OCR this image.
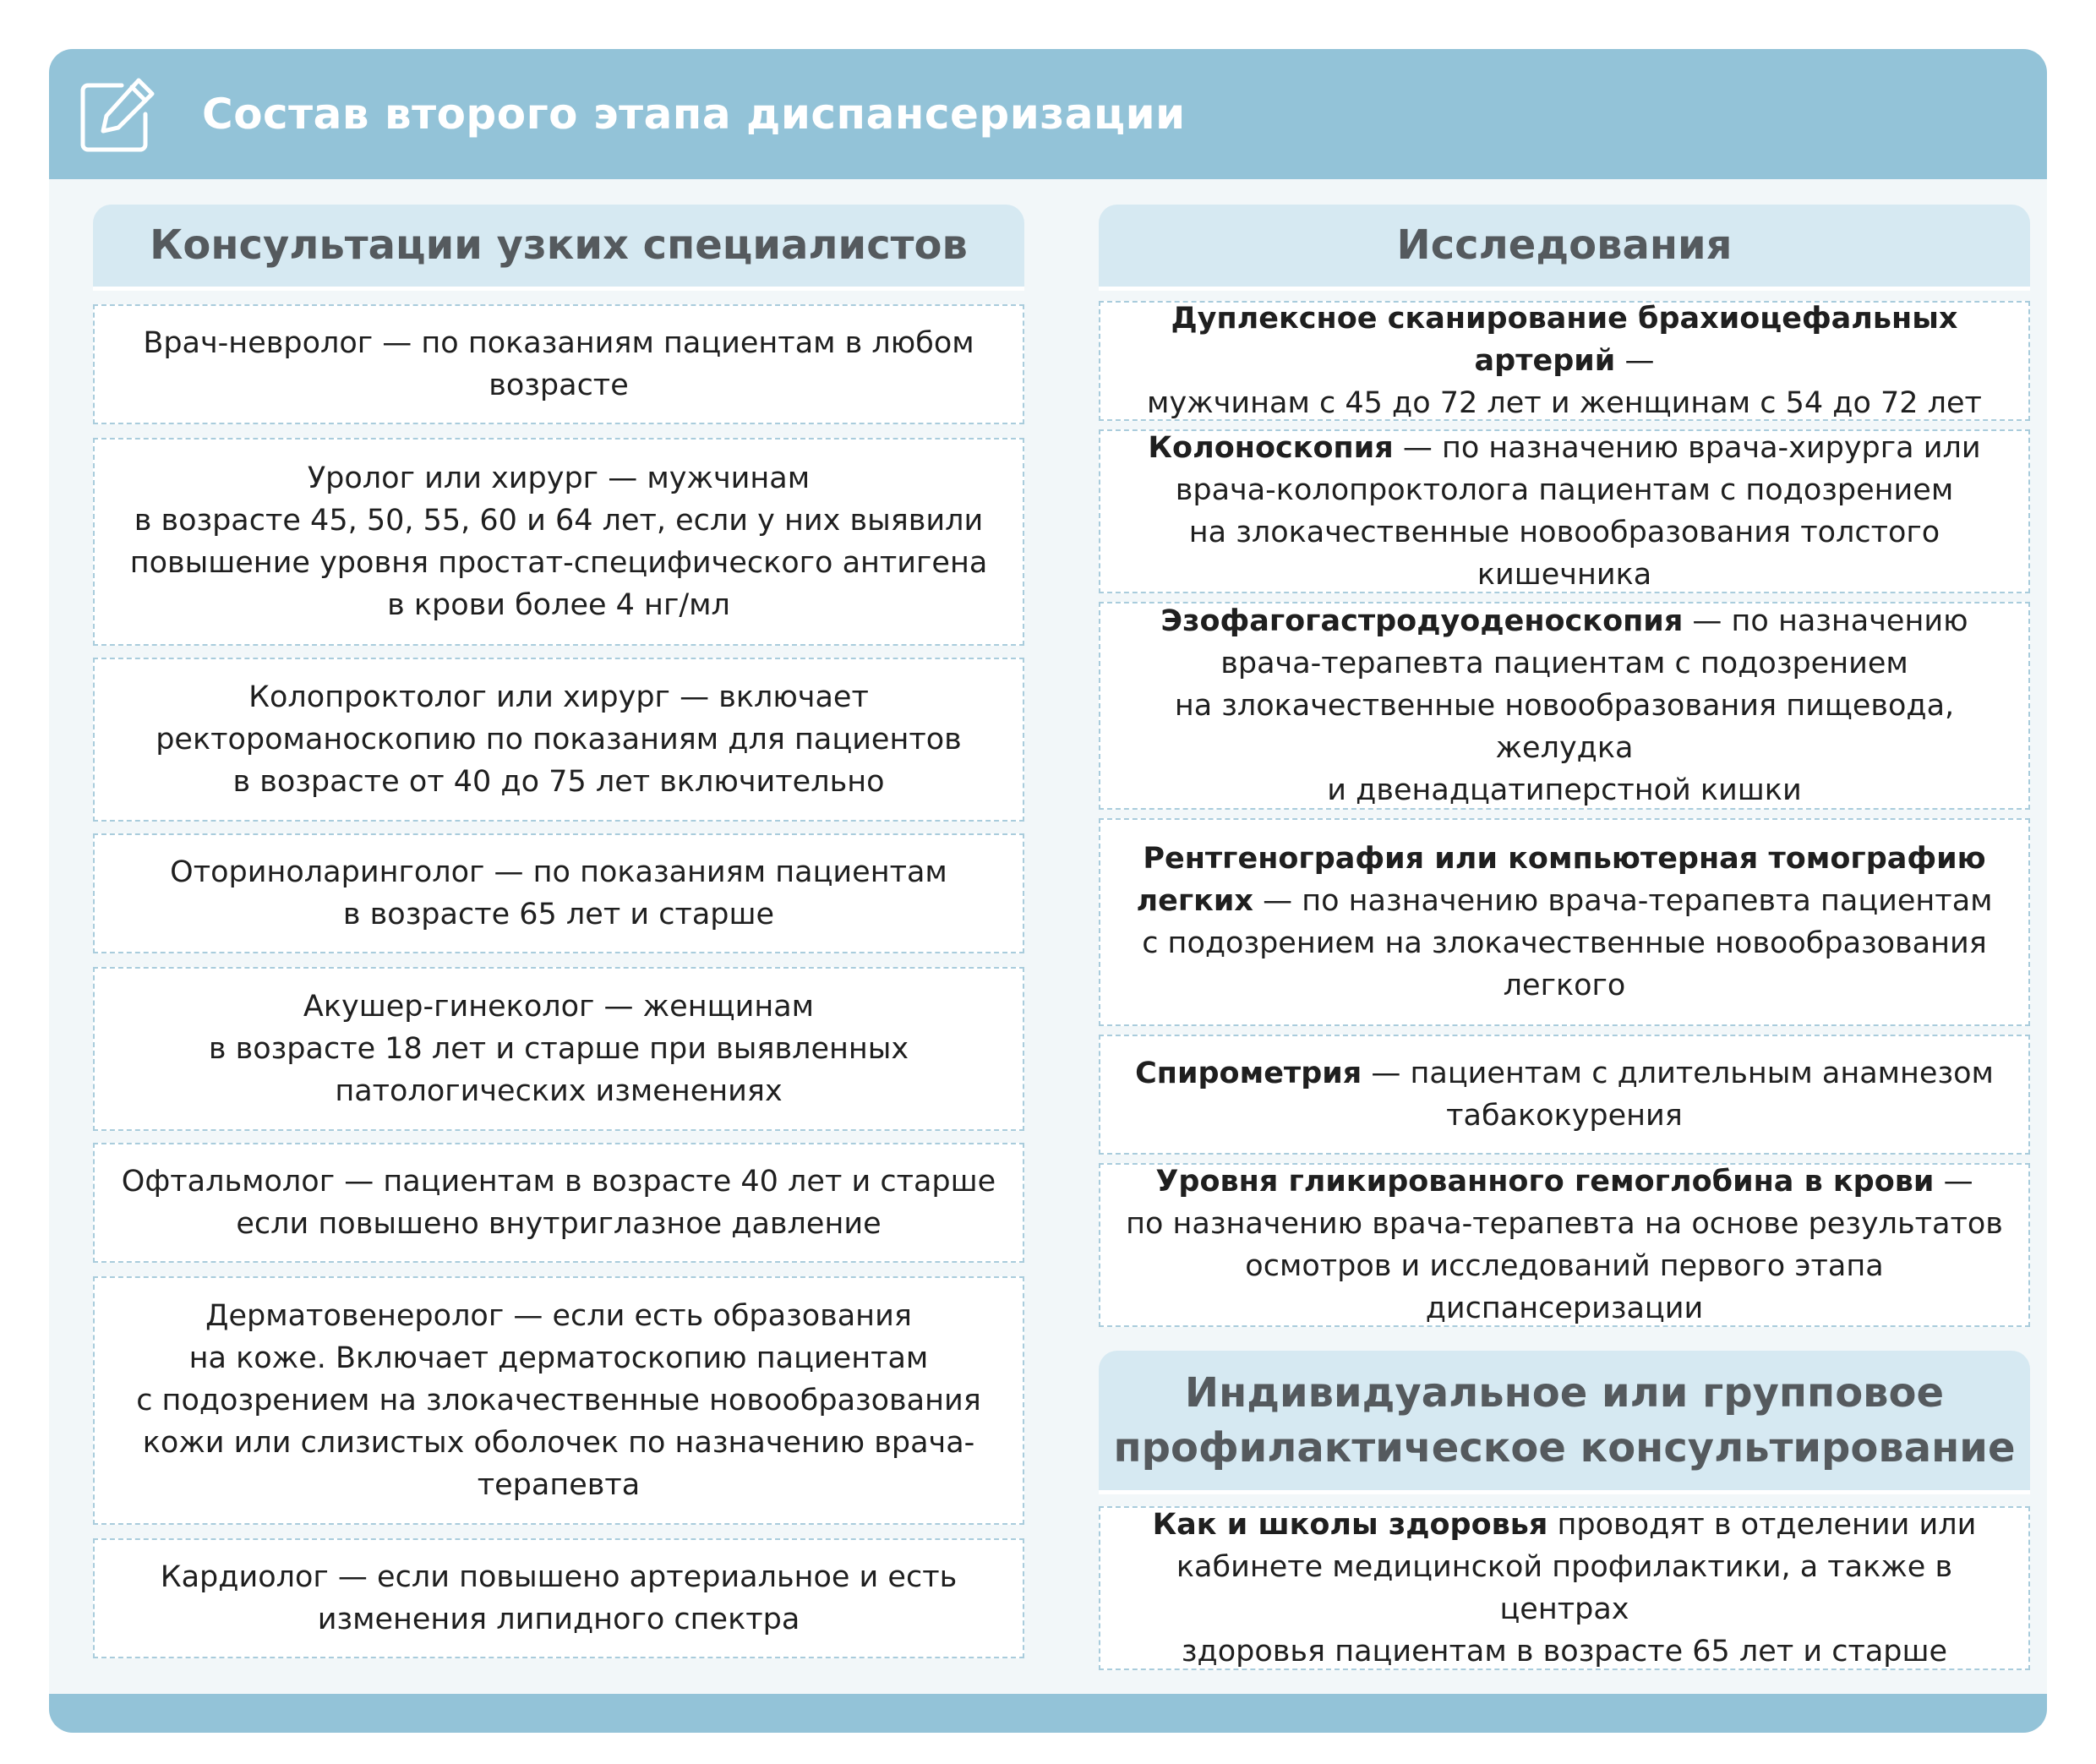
Состав второго этапа диспансеризации
Консультации узких специалистов
Врач-невролог — по показаниям пациентам в любом
возрасте
Уролог или хирург — мужчинам
в возрасте 45, 50, 55, 60 и 64 лет, если у них выявили
повышение уровня простат-специфического антигена
в крови более 4 нг/мл
Колопроктолог или хирург — включает
ректороманоскопию по показаниям для пациентов
в возрасте от 40 до 75 лет включительно
Оториноларинголог — по показаниям пациентам
в возрасте 65 лет и старше
Акушер-гинеколог — женщинам
в возрасте 18 лет и старше при выявленных
патологических изменениях
Офтальмолог — пациентам в возрасте 40 лет и старше
если повышено внутриглазное давление
Дерматовенеролог — если есть образования
на коже. Включает дерматоскопию пациентам
с подозрением на злокачественные новообразования
кожи или слизистых оболочек по назначению врача-
терапевта
Кардиолог — если повышено артериальное и есть
изменения липидного спектра
Исследования
Дуплексное сканирование брахиоцефальных артерий —
мужчинам с 45 до 72 лет и женщинам с 54 до 72 лет
Колоноскопия — по назначению врача-хирурга или
врача-колопроктолога пациентам с подозрением
на злокачественные новообразования толстого кишечника
Эзофагогастродуоденоскопия — по назначению
врача-терапевта пациентам с подозрением
на злокачественные новообразования пищевода, желудка
и двенадцатиперстной кишки
Рентгенография или компьютерная томографию
легких — по назначению врача-терапевта пациентам
с подозрением на злокачественные новообразования
легкого
Спирометрия — пациентам с длительным анамнезом
табакокурения
Уровня гликированного гемоглобина в крови —
по назначению врача-терапевта на основе результатов
осмотров и исследований первого этапа диспансеризации
Индивидуальное или групповое
профилактическое консультирование
Как и школы здоровья проводят в отделении или
кабинете медицинской профилактики, а также в центрах
здоровья пациентам в возрасте 65 лет и старше
